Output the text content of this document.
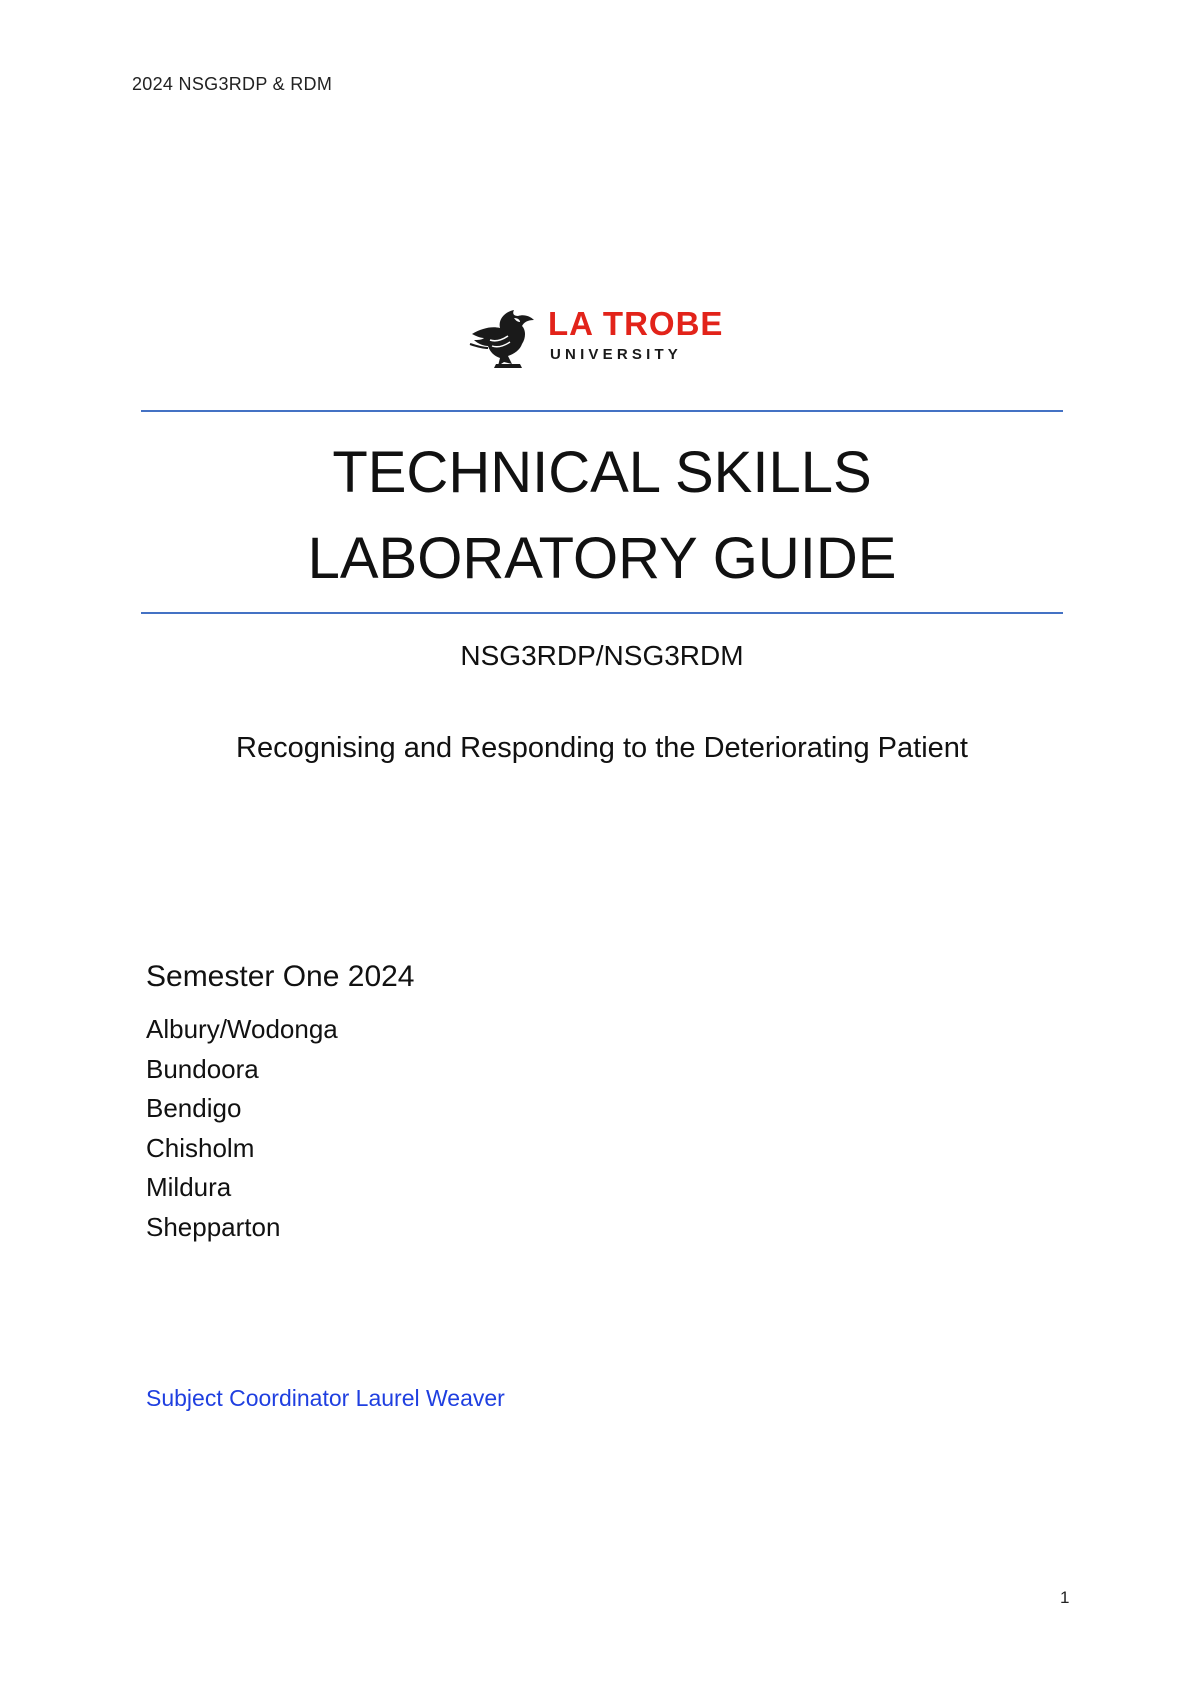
2024 NSG3RDP & RDM
LA TROBE
UNIVERSITY
TECHNICAL SKILLS
LABORATORY GUIDE
NSG3RDP/NSG3RDM
Recognising and Responding to the Deteriorating Patient
Semester One 2024
Albury/Wodonga
Bundoora
Bendigo
Chisholm
Mildura
Shepparton
Subject Coordinator Laurel Weaver
1
